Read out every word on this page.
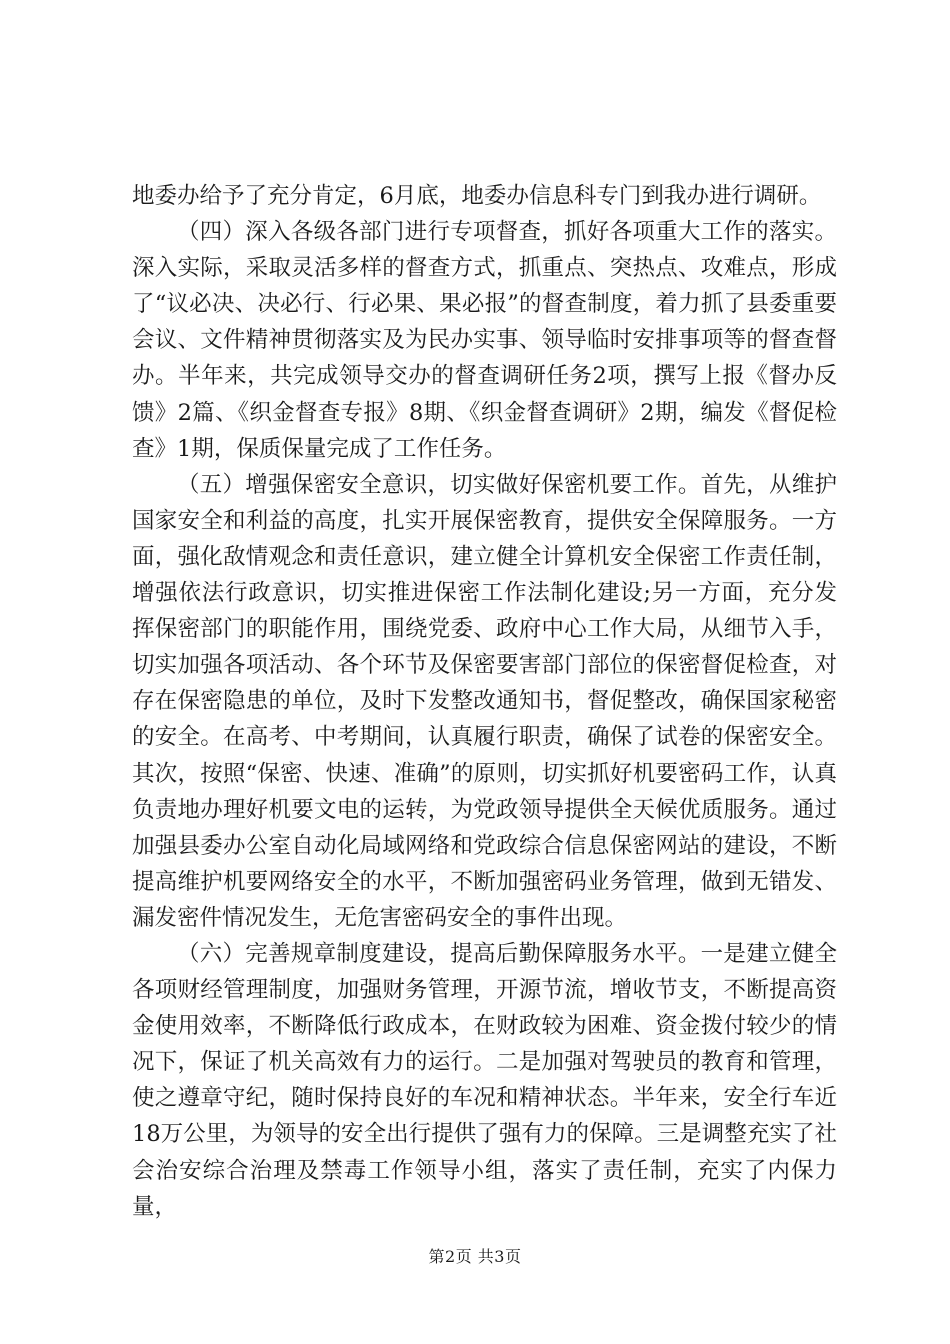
地委办给予了充分肯定，6月底，地委办信息科专门到我办进行调研。

（四）深入各级各部门进行专项督查，抓好各项重大工作的落实。深入实际，采取灵活多样的督查方式，抓重点、突热点、攻难点，形成了“议必决、决必行、行必果、果必报”的督查制度，着力抓了县委重要会议、文件精神贯彻落实及为民办实事、领导临时安排事项等的督查督办。半年来，共完成领导交办的督查调研任务2项，撰写上报《督办反馈》2篇、《织金督查专报》8期、《织金督查调研》2期，编发《督促检查》1期，保质保量完成了工作任务。

（五）增强保密安全意识，切实做好保密机要工作。首先，从维护国家安全和利益的高度，扎实开展保密教育，提供安全保障服务。一方面，强化敌情观念和责任意识，建立健全计算机安全保密工作责任制，增强依法行政意识，切实推进保密工作法制化建设;另一方面，充分发挥保密部门的职能作用，围绕党委、政府中心工作大局，从细节入手，切实加强各项活动、各个环节及保密要害部门部位的保密督促检查，对存在保密隐患的单位，及时下发整改通知书，督促整改，确保国家秘密的安全。在高考、中考期间，认真履行职责，确保了试卷的保密安全。其次，按照“保密、快速、准确”的原则，切实抓好机要密码工作，认真负责地办理好机要文电的运转，为党政领导提供全天候优质服务。通过加强县委办公室自动化局域网络和党政综合信息保密网站的建设，不断提高维护机要网络安全的水平，不断加强密码业务管理，做到无错发、漏发密件情况发生，无危害密码安全的事件出现。

（六）完善规章制度建设，提高后勤保障服务水平。一是建立健全各项财经管理制度，加强财务管理，开源节流，增收节支，不断提高资金使用效率，不断降低行政成本，在财政较为困难、资金拨付较少的情况下，保证了机关高效有力的运行。二是加强对驾驶员的教育和管理，使之遵章守纪，随时保持良好的车况和精神状态。半年来，安全行车近18万公里，为领导的安全出行提供了强有力的保障。三是调整充实了社会治安综合治理及禁毒工作领导小组，落实了责任制，充实了内保力量，

第2页 共3页
